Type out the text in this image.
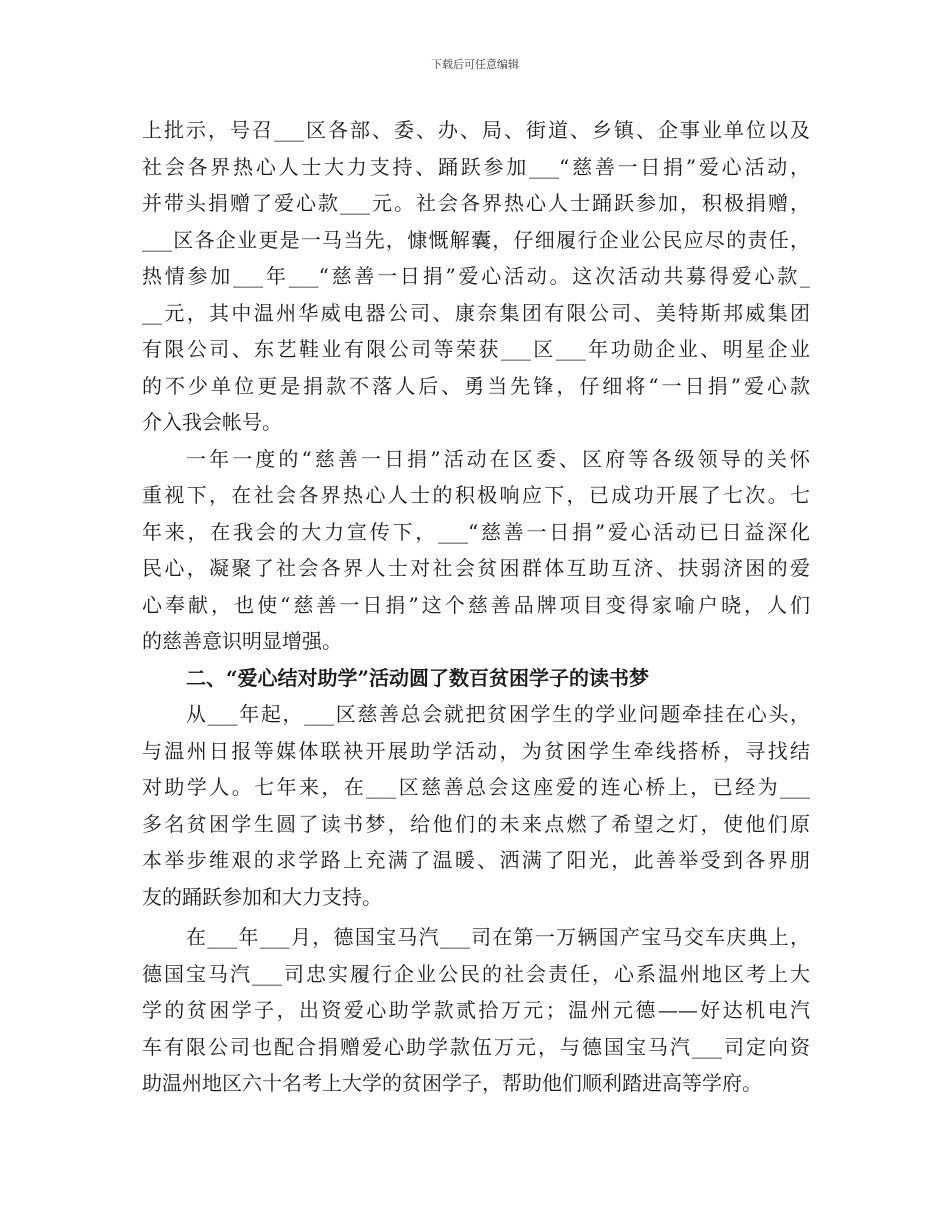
下载后可任意编辑
上批示，号召___区各部、委、办、局、街道、乡镇、企事业单位以及
社会各界热心人士大力支持、踊跃参加___“慈善一日捐”爱心活动，
并带头捐赠了爱心款___元。社会各界热心人士踊跃参加，积极捐赠，
___区各企业更是一马当先，慷慨解囊，仔细履行企业公民应尽的责任，
热情参加___年___“慈善一日捐”爱心活动。这次活动共募得爱心款_
__元，其中温州华威电器公司、康奈集团有限公司、美特斯邦威集团
有限公司、东艺鞋业有限公司等荣获___区___年功勋企业、明星企业
的不少单位更是捐款不落人后、勇当先锋，仔细将“一日捐”爱心款
介入我会帐号。
一年一度的“慈善一日捐”活动在区委、区府等各级领导的关怀
重视下，在社会各界热心人士的积极响应下，已成功开展了七次。七
年来，在我会的大力宣传下，___“慈善一日捐”爱心活动已日益深化
民心，凝聚了社会各界人士对社会贫困群体互助互济、扶弱济困的爱
心奉献，也使“慈善一日捐”这个慈善品牌项目变得家喻户晓，人们
的慈善意识明显增强。
二、“爱心结对助学”活动圆了数百贫困学子的读书梦
从___年起，___区慈善总会就把贫困学生的学业问题牵挂在心头，
与温州日报等媒体联袂开展助学活动，为贫困学生牵线搭桥，寻找结
对助学人。七年来，在___区慈善总会这座爱的连心桥上，已经为___
多名贫困学生圆了读书梦，给他们的未来点燃了希望之灯，使他们原
本举步维艰的求学路上充满了温暖、洒满了阳光，此善举受到各界朋
友的踊跃参加和大力支持。
在___年___月，德国宝马汽___司在第一万辆国产宝马交车庆典上，
德国宝马汽___司忠实履行企业公民的社会责任，心系温州地区考上大
学的贫困学子，出资爱心助学款贰拾万元；温州元德——好达机电汽
车有限公司也配合捐赠爱心助学款伍万元，与德国宝马汽___司定向资
助温州地区六十名考上大学的贫困学子，帮助他们顺利踏进高等学府。
